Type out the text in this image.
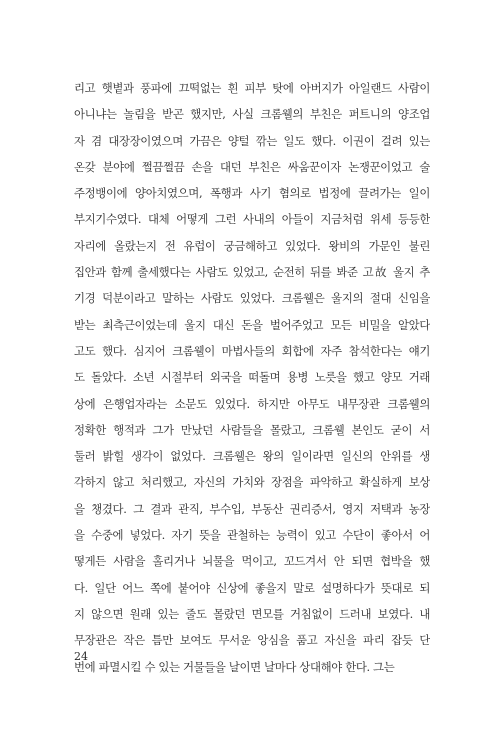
리고 햇볕과 풍파에 끄떡없는 흰 피부 탓에 아버지가 아일랜드 사람이
아니냐는 놀림을 받곤 했지만, 사실 크롬웰의 부친은 퍼트니의 양조업
자 겸 대장장이였으며 가끔은 양털 깎는 일도 했다. 이권이 걸려 있는
온갖 분야에 쩔끔쩔끔 손을 대던 부친은 싸움꾼이자 논쟁꾼이었고 술
주정뱅이에 양아치였으며, 폭행과 사기 혐의로 법정에 끌려가는 일이
부지기수였다. 대체 어떻게 그런 사내의 아들이 지금처럼 위세 등등한
자리에 올랐는지 전 유럽이 궁금해하고 있었다. 왕비의 가문인 불린
집안과 함께 출세했다는 사람도 있었고, 순전히 뒤를 봐준 고故 울지 추
기경 덕분이라고 말하는 사람도 있었다. 크롬웰은 울지의 절대 신임을
받는 최측근이었는데 울지 대신 돈을 벌어주었고 모든 비밀을 알았다
고도 했다. 심지어 크롬웰이 마법사들의 회합에 자주 참석한다는 얘기
도 돌았다. 소년 시절부터 외국을 떠돌며 용병 노릇을 했고 양모 거래
상에 은행업자라는 소문도 있었다. 하지만 아무도 내무장관 크롬웰의
정확한 행적과 그가 만났던 사람들을 몰랐고, 크롬웰 본인도 굳이 서
둘러 밝힐 생각이 없었다. 크롬웰은 왕의 일이라면 일신의 안위를 생
각하지 않고 처리했고, 자신의 가치와 장점을 파악하고 확실하게 보상
을 챙겼다. 그 결과 관직, 부수입, 부동산 권리증서, 영지 저택과 농장
을 수중에 넣었다. 자기 뜻을 관철하는 능력이 있고 수단이 좋아서 어
떻게든 사람을 홀리거나 뇌물을 먹이고, 꼬드겨서 안 되면 협박을 했
다. 일단 어느 쪽에 붙어야 신상에 좋을지 말로 설명하다가 뜻대로 되
지 않으면 원래 있는 줄도 몰랐던 면모를 거침없이 드러내 보였다. 내
무장관은 작은 틈만 보여도 무서운 앙심을 품고 자신을 파리 잡듯 단
번에 파멸시킬 수 있는 거물들을 날이면 날마다 상대해야 한다. 그는
24
